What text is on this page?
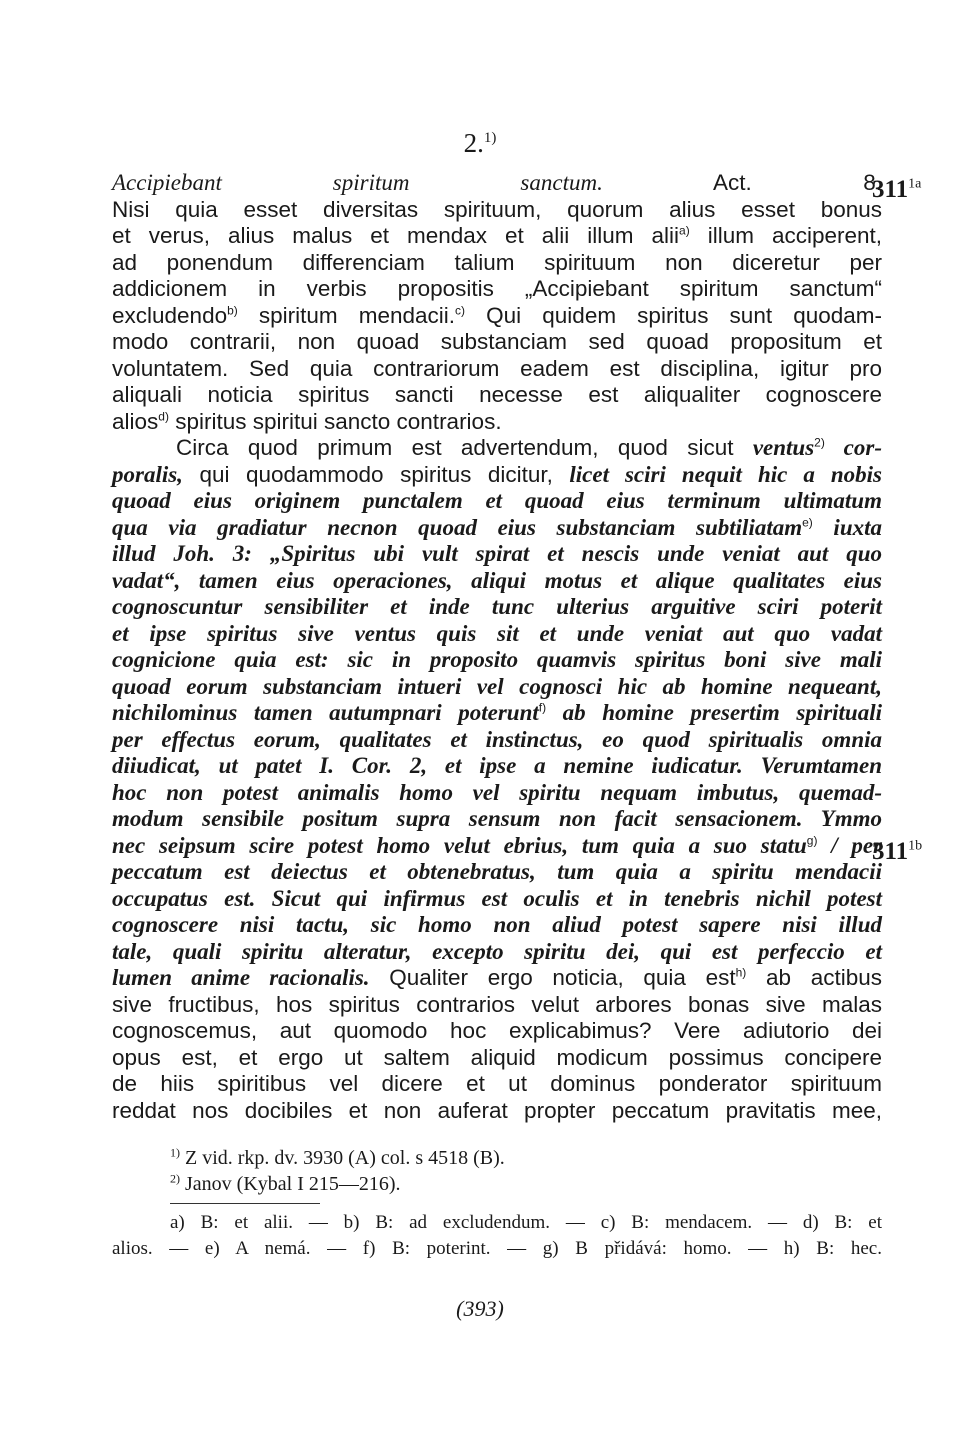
2.$^{1)}$
$311^{1a}$
$311^{1b}$
Accipiebant spiritum sanctum. Act. 8.
Nisi quia esset diversitas spirituum, quorum alius esset bonus
et verus, alius malus et mendax et alii illum alii$^{a)}$ illum acciperent,
ad ponendum differenciam talium spirituum non diceretur per
addicionem in verbis propositis „Accipiebant spiritum sanctum“
excludendo$^{b)}$ spiritum mendacii.$^{c)}$ Qui quidem spiritus sunt quodam-
modo contrarii, non quoad substanciam sed quoad propositum et
voluntatem. Sed quia contrariorum eadem est disciplina, igitur pro
aliquali noticia spiritus sancti necesse est aliqualiter cognoscere
alios$^{d)}$ spiritus spiritui sancto contrarios.
Circa quod primum est advertendum, quod sicut ventus$^{2)}$ cor-
poralis, qui quodammodo spiritus dicitur, licet sciri nequit hic a nobis
quoad eius originem punctalem et quoad eius terminum ultimatum
qua via gradiatur necnon quoad eius substanciam subtiliatam$^{e)}$ iuxta
illud Joh. 3: „Spiritus ubi vult spirat et nescis unde veniat aut quo
vadat“, tamen eius operaciones, aliqui motus et alique qualitates eius
cognoscuntur sensibiliter et inde tunc ulterius arguitive sciri poterit
et ipse spiritus sive ventus quis sit et unde veniat aut quo vadat
cognicione quia est: sic in proposito quamvis spiritus boni sive mali
quoad eorum substanciam intueri vel cognosci hic ab homine nequeant,
nichilominus tamen autumpnari poterunt$^{f)}$ ab homine presertim spirituali
per effectus eorum, qualitates et instinctus, eo quod spiritualis omnia
diiudicat, ut patet I. Cor. 2, et ipse a nemine iudicatur. Verumtamen
hoc non potest animalis homo vel spiritu nequam imbutus, quemad-
modum sensibile positum supra sensum non facit sensacionem. Ymmo
nec seipsum scire potest homo velut ebrius, tum quia a suo statu$^{g)}$ / per
peccatum est deiectus et obtenebratus, tum quia a spiritu mendacii
occupatus est. Sicut qui infirmus est oculis et in tenebris nichil potest
cognoscere nisi tactu, sic homo non aliud potest sapere nisi illud
tale, quali spiritu alteratur, excepto spiritu dei, qui est perfeccio et
lumen anime racionalis. Qualiter ergo noticia, quia est$^{h)}$ ab actibus
sive fructibus, hos spiritus contrarios velut arbores bonas sive malas
cognoscemus, aut quomodo hoc explicabimus? Vere adiutorio dei
opus est, et ergo ut saltem aliquid modicum possimus concipere
de hiis spiritibus vel dicere et ut dominus ponderator spirituum
reddat nos docibiles et non auferat propter peccatum pravitatis mee,
$^{1)}$ Z vid. rkp. dv. 3930 (A) col. s 4518 (B).
$^{2)}$ Janov (Kybal I 215—216).
a) B: et alii. — b) B: ad excludendum. — c) B: mendacem. — d) B: et
alios. — e) A nemá. — f) B: poterint. — g) B přidává: homo. — h) B: hec.
(393)
